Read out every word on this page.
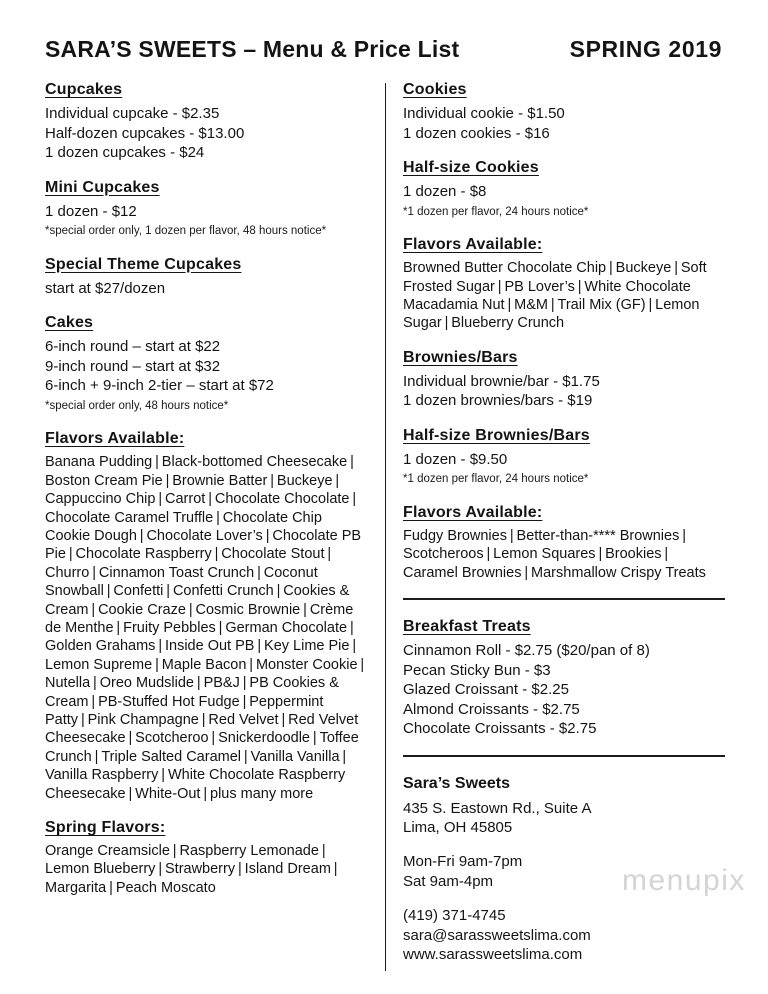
SARA’S SWEETS – Menu & Price List	SPRING 2019
Cupcakes
Individual cupcake - $2.35
Half-dozen cupcakes - $13.00
1 dozen cupcakes - $24
Mini Cupcakes
1 dozen - $12
*special order only, 1 dozen per flavor, 48 hours notice*
Special Theme Cupcakes
start at $27/dozen
Cakes
6-inch round – start at $22
9-inch round – start at $32
6-inch + 9-inch 2-tier – start at $72
*special order only, 48 hours notice*
Flavors Available:
Banana Pudding | Black-bottomed Cheesecake | Boston Cream Pie | Brownie Batter | Buckeye | Cappuccino Chip | Carrot | Chocolate Chocolate | Chocolate Caramel Truffle | Chocolate Chip Cookie Dough | Chocolate Lover’s | Chocolate PB Pie | Chocolate Raspberry | Chocolate Stout | Churro | Cinnamon Toast Crunch | Coconut Snowball | Confetti | Confetti Crunch | Cookies & Cream | Cookie Craze | Cosmic Brownie | Crème de Menthe | Fruity Pebbles | German Chocolate | Golden Grahams | Inside Out PB | Key Lime Pie | Lemon Supreme | Maple Bacon | Monster Cookie | Nutella | Oreo Mudslide | PB&J | PB Cookies & Cream | PB-Stuffed Hot Fudge | Peppermint Patty | Pink Champagne | Red Velvet | Red Velvet Cheesecake | Scotcheroo | Snickerdoodle | Toffee Crunch | Triple Salted Caramel | Vanilla Vanilla | Vanilla Raspberry | White Chocolate Raspberry Cheesecake | White-Out | plus many more
Spring Flavors:
Orange Creamsicle | Raspberry Lemonade | Lemon Blueberry | Strawberry | Island Dream | Margarita | Peach Moscato
Cookies
Individual cookie - $1.50
1 dozen cookies - $16
Half-size Cookies
1 dozen - $8
*1 dozen per flavor, 24 hours notice*
Flavors Available:
Browned Butter Chocolate Chip | Buckeye | Soft Frosted Sugar | PB Lover’s | White Chocolate Macadamia Nut | M&M | Trail Mix (GF) | Lemon Sugar | Blueberry Crunch
Brownies/Bars
Individual brownie/bar - $1.75
1 dozen brownies/bars - $19
Half-size Brownies/Bars
1 dozen - $9.50
*1 dozen per flavor, 24 hours notice*
Flavors Available:
Fudgy Brownies | Better-than-**** Brownies | Scotcheroos | Lemon Squares | Brookies | Caramel Brownies | Marshmallow Crispy Treats
Breakfast Treats
Cinnamon Roll - $2.75 ($20/pan of 8)
Pecan Sticky Bun - $3
Glazed Croissant - $2.25
Almond Croissants - $2.75
Chocolate Croissants - $2.75
Sara’s Sweets
435 S. Eastown Rd., Suite A
Lima, OH 45805
Mon-Fri 9am-7pm
Sat 9am-4pm
(419) 371-4745
sara@sarassweetslima.com
www.sarassweetslima.com
menupix
